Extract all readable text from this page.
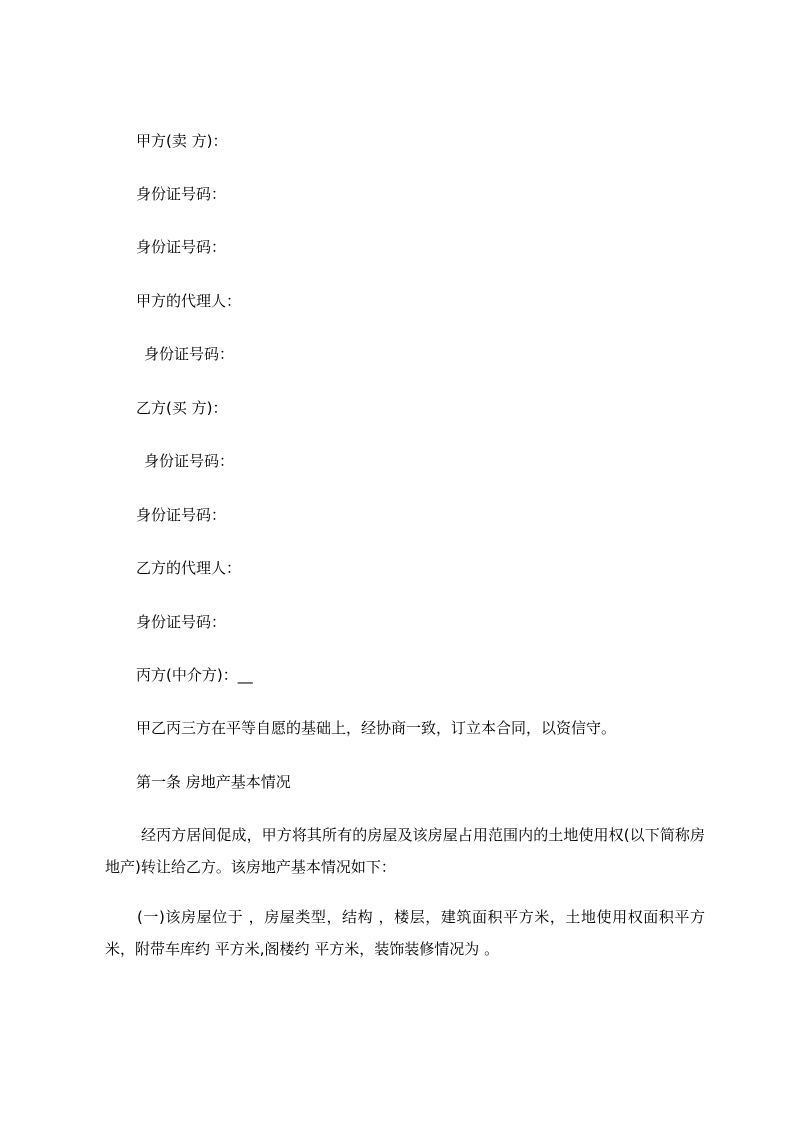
甲方(卖 方)：

身份证号码：

身份证号码：

甲方的代理人：

身份证号码：

乙方(买 方)：

身份证号码：

身份证号码：

乙方的代理人：

身份证号码：

丙方(中介方)：__

甲乙丙三方在平等自愿的基础上，经协商一致，订立本合同，以资信守。

第一条 房地产基本情况

经丙方居间促成，甲方将其所有的房屋及该房屋占用范围内的土地使用权(以下简称房地产)转让给乙方。该房地产基本情况如下：

(一)该房屋位于 ，房屋类型，结构 ，楼层，建筑面积平方米，土地使用权面积平方米，附带车库约 平方米,阁楼约 平方米，装饰装修情况为 。
